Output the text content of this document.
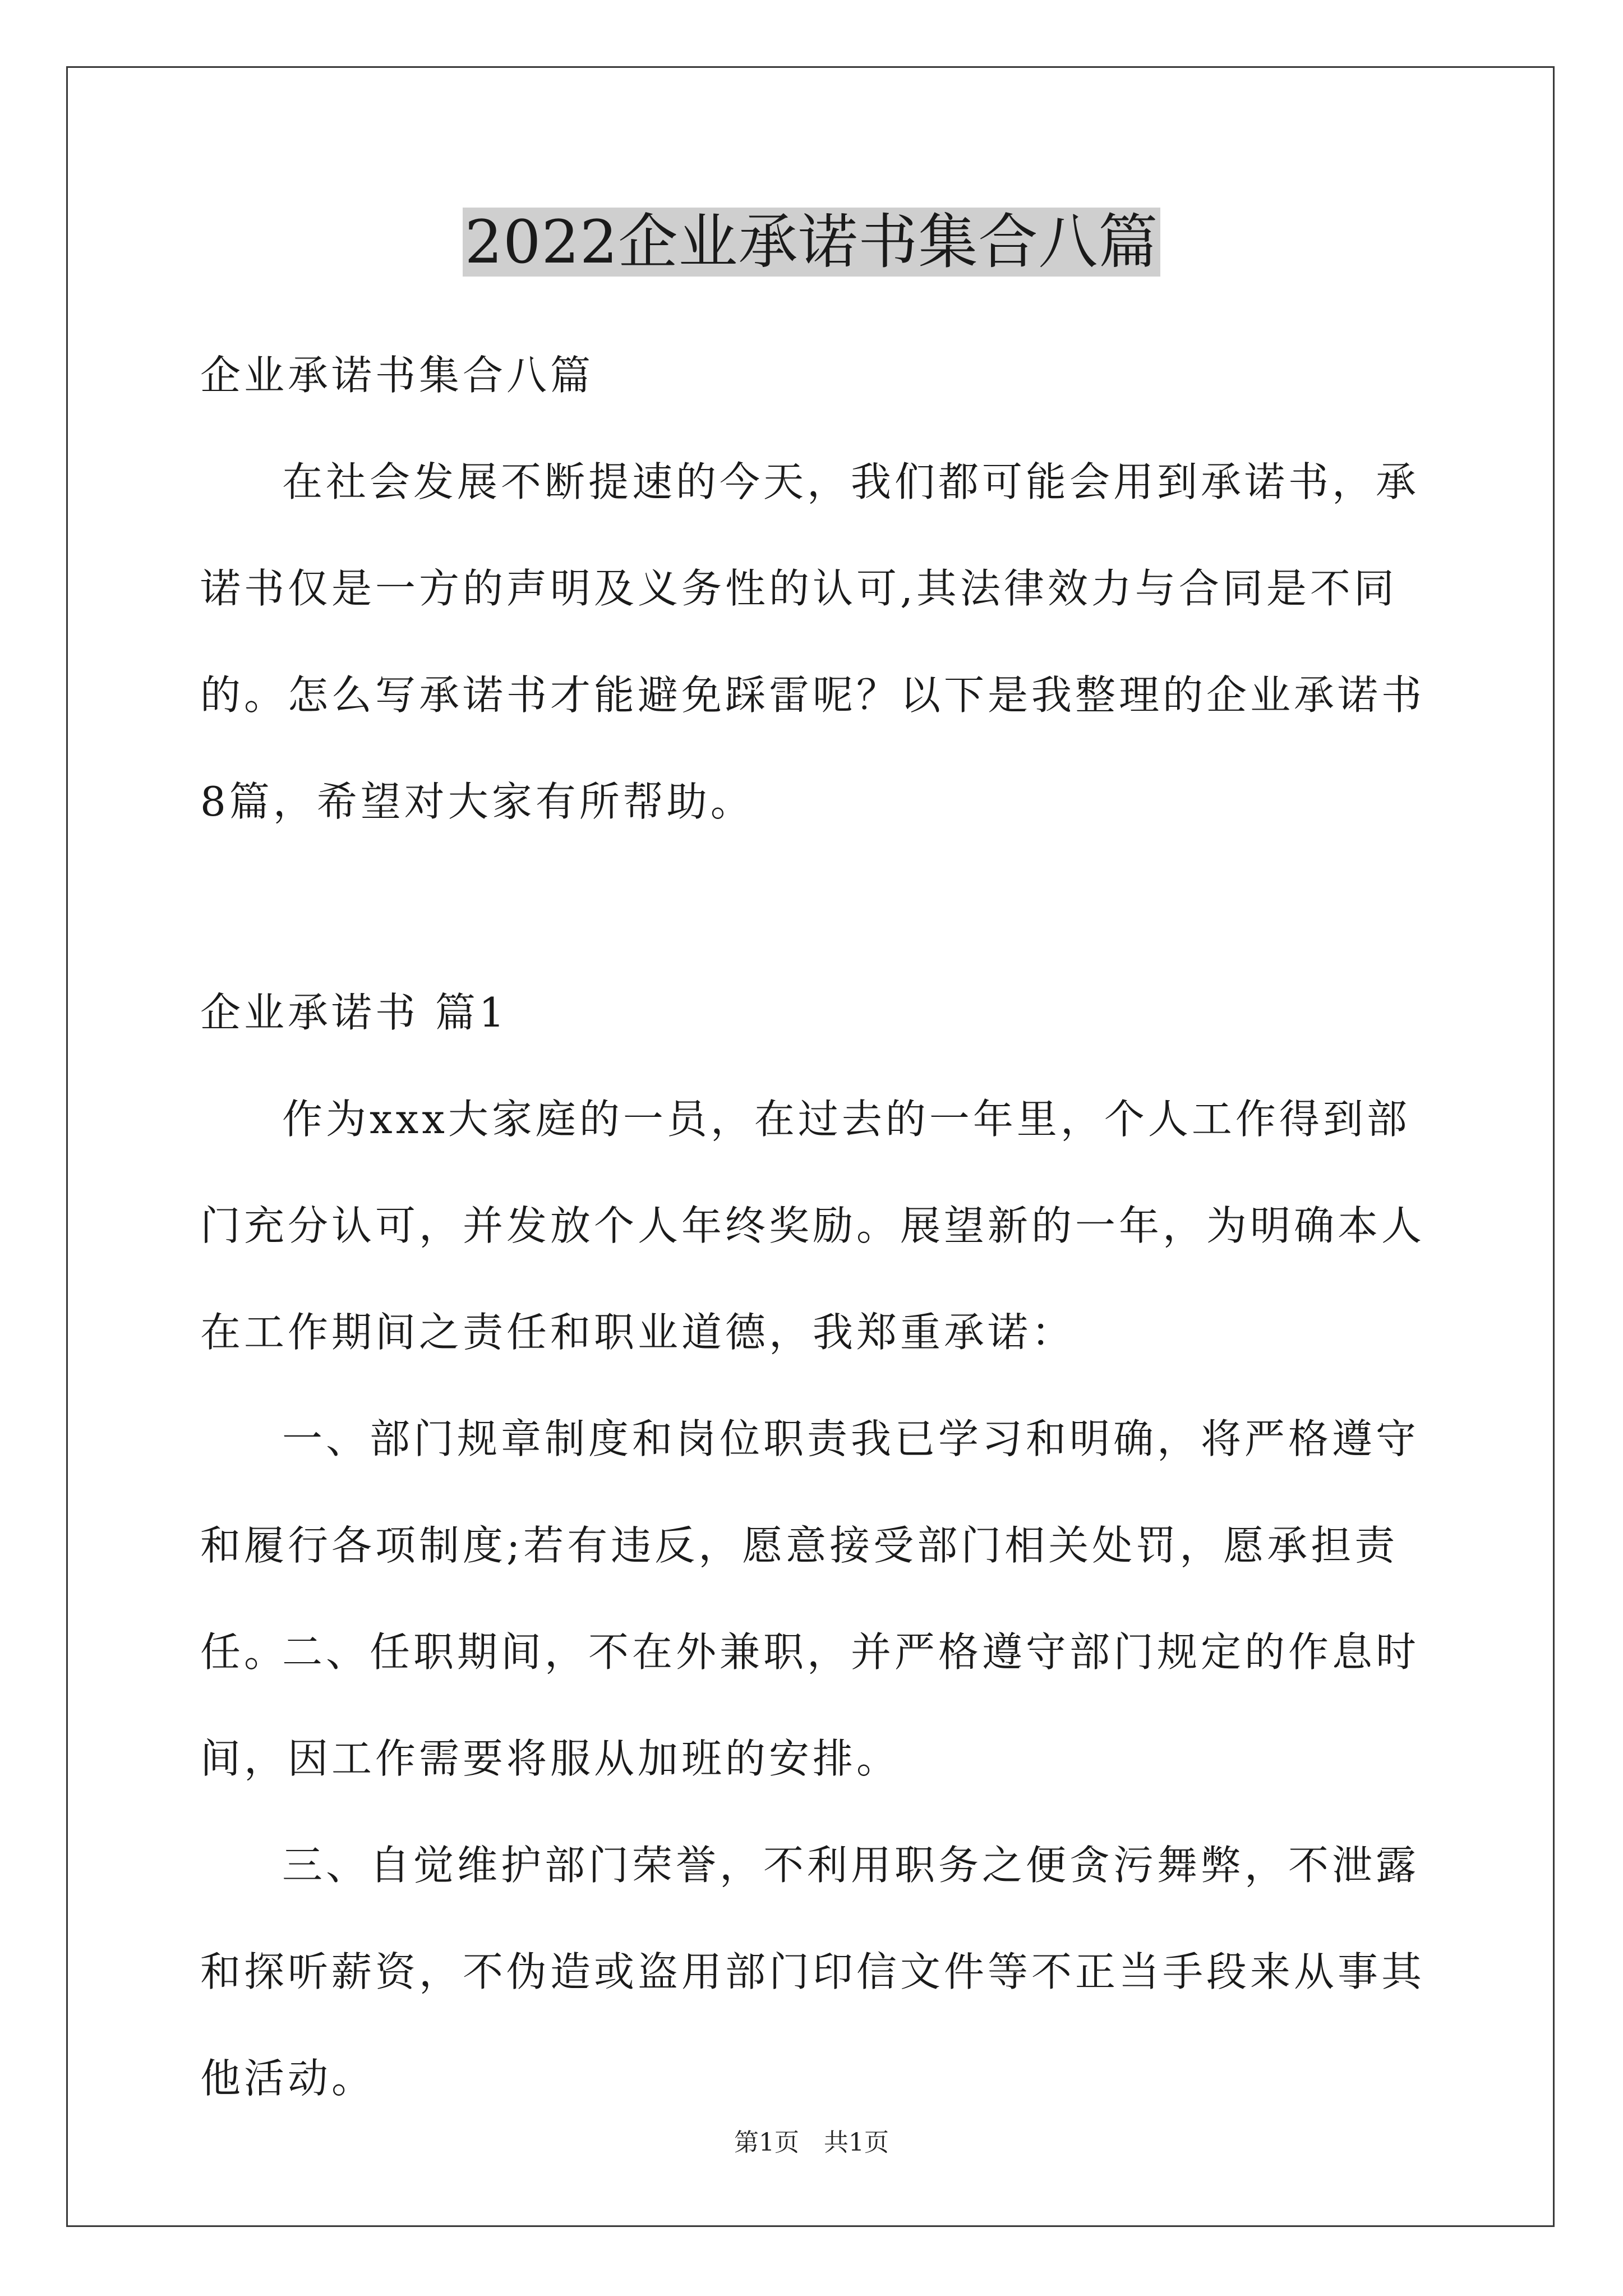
2022企业承诺书集合八篇
企业承诺书集合八篇
在社会发展不断提速的今天，我们都可能会用到承诺书，承诺书仅是一方的声明及义务性的认可,其法律效力与合同是不同的。怎么写承诺书才能避免踩雷呢？以下是我整理的企业承诺书8篇，希望对大家有所帮助。
企业承诺书 篇1
作为xxx大家庭的一员，在过去的一年里，个人工作得到部门充分认可，并发放个人年终奖励。展望新的一年，为明确本人在工作期间之责任和职业道德，我郑重承诺：
一、部门规章制度和岗位职责我已学习和明确，将严格遵守和履行各项制度;若有违反，愿意接受部门相关处罚，愿承担责任。
二、任职期间，不在外兼职，并严格遵守部门规定的作息时间，因工作需要将服从加班的安排。
三、自觉维护部门荣誉，不利用职务之便贪污舞弊，不泄露和探听薪资，不伪造或盗用部门印信文件等不正当手段来从事其他活动。
第1页　共1页
